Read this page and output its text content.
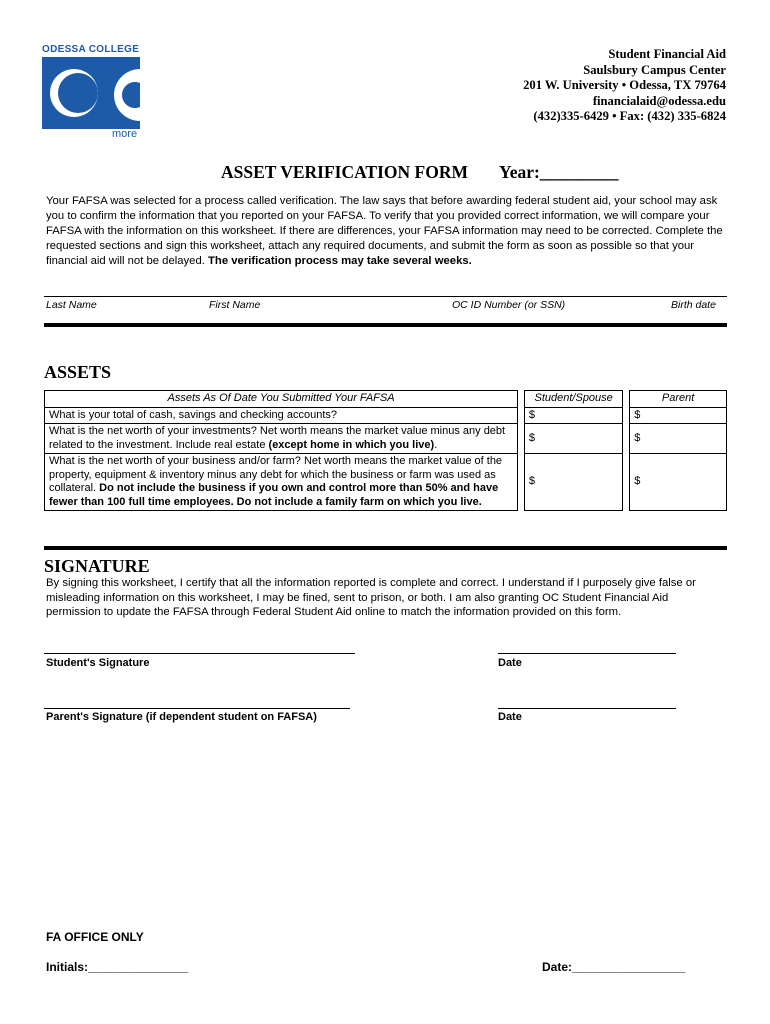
ODESSA COLLEGE
more
Student Financial Aid
Saulsbury Campus Center
201 W. University • Odessa, TX 79764
financialaid@odessa.edu
(432)335-6429 • Fax: (432) 335-6824
ASSET VERIFICATION FORM Year:_________
Your FAFSA was selected for a process called verification. The law says that before awarding federal student aid, your school may ask you to confirm the information that you reported on your FAFSA. To verify that you provided correct information, we will compare your FAFSA with the information on this worksheet. If there are differences, your FAFSA information may need to be corrected. Complete the requested sections and sign this worksheet, attach any required documents, and submit the form as soon as possible so that your financial aid will not be delayed. The verification process may take several weeks.
Last Name	First Name	OC ID Number (or SSN)	Birth date
ASSETS
Assets As Of Date You Submitted Your FAFSA		Student/Spouse		Parent
What is your total of cash, savings and checking accounts?		$		$
What is the net worth of your investments? Net worth means the market value minus any debt related to the investment. Include real estate (except home in which you live).		$		$
What is the net worth of your business and/or farm? Net worth means the market value of the property, equipment & inventory minus any debt for which the business or farm was used as collateral. Do not include the business if you own and control more than 50% and have fewer than 100 full time employees. Do not include a family farm on which you live.		$		$
SIGNATURE
By signing this worksheet, I certify that all the information reported is complete and correct. I understand if I purposely give false or misleading information on this worksheet, I may be fined, sent to prison, or both. I am also granting OC Student Financial Aid permission to update the FAFSA through Federal Student Aid online to match the information provided on this form.
Student's Signature	Date
Parent's Signature (if dependent student on FAFSA)	Date
FA OFFICE ONLY
Initials:_______________	Date:_________________
